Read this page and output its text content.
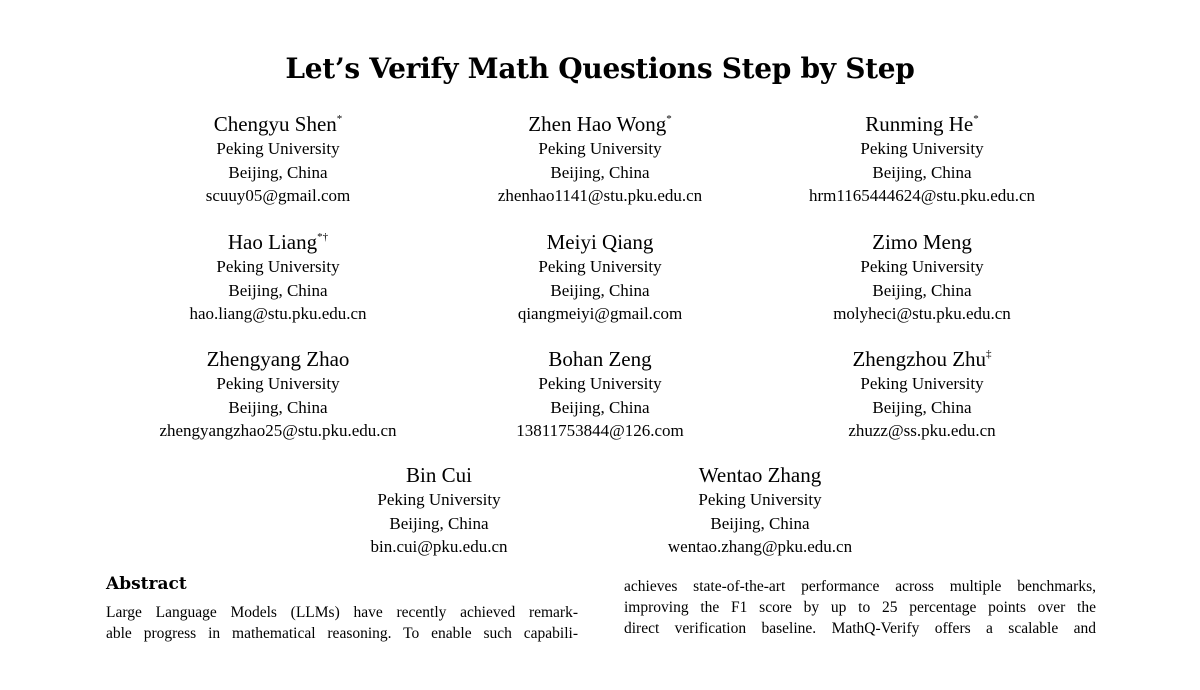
Let’s Verify Math Questions Step by Step
Chengyu Shen*
Peking University
Beijing, China
scuuy05@gmail.com
Zhen Hao Wong*
Peking University
Beijing, China
zhenhao1141@stu.pku.edu.cn
Runming He*
Peking University
Beijing, China
hrm1165444624@stu.pku.edu.cn
Hao Liang*†
Peking University
Beijing, China
hao.liang@stu.pku.edu.cn
Meiyi Qiang
Peking University
Beijing, China
qiangmeiyi@gmail.com
Zimo Meng
Peking University
Beijing, China
molyheci@stu.pku.edu.cn
Zhengyang Zhao
Peking University
Beijing, China
zhengyangzhao25@stu.pku.edu.cn
Bohan Zeng
Peking University
Beijing, China
13811753844@126.com
Zhengzhou Zhu‡
Peking University
Beijing, China
zhuzz@ss.pku.edu.cn
Bin Cui
Peking University
Beijing, China
bin.cui@pku.edu.cn
Wentao Zhang
Peking University
Beijing, China
wentao.zhang@pku.edu.cn
Abstract
Large Language Models (LLMs) have recently achieved remark-
able progress in mathematical reasoning. To enable such capabili-
achieves state-of-the-art performance across multiple benchmarks,
improving the F1 score by up to 25 percentage points over the
direct verification baseline. MathQ-Verify offers a scalable and
